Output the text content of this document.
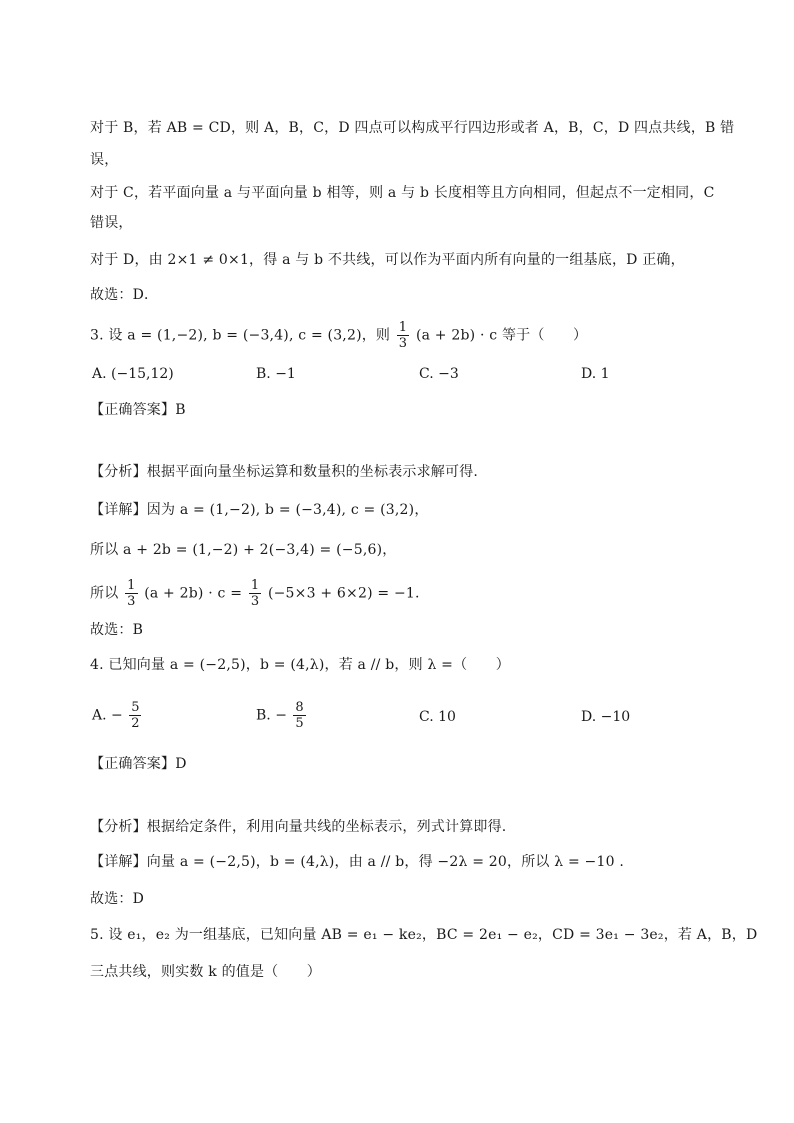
对于 B，若 AB = CD，则 A，B，C，D 四点可以构成平行四边形或者 A，B，C，D 四点共线，B 错
误，
对于 C，若平面向量 a 与平面向量 b 相等，则 a 与 b 长度相等且方向相同，但起点不一定相同，C
错误，
对于 D，由 2×1 ≠ 0×1，得 a 与 b 不共线，可以作为平面内所有向量的一组基底，D 正确，
故选：D．
3. 设 a = (1,−2), b = (−3,4), c = (3,2)，则 $\frac{1}{3} (a + 2b) \cdot c$ 等于（　　）
A. (−15,12)	B. −1	C. −3	D. 1
【正确答案】B
【分析】根据平面向量坐标运算和数量积的坐标表示求解可得.
【详解】因为 a = (1,−2), b = (−3,4), c = (3,2)，
所以 a + 2b = (1,−2) + 2(−3,4) = (−5,6)，
所以 $\frac{1}{3} (a + 2b) \cdot c = \frac{1}{3} (-5\times 3 + 6\times 2) = -1$.
故选：B
4. 已知向量 a = (−2,5)，b = (4,λ)，若 a // b，则 λ =（　　）
A. − $\frac{5}{2}$	B. − $\frac{8}{5}$	C. 10	D. −10
【正确答案】D
【分析】根据给定条件，利用向量共线的坐标表示，列式计算即得.
【详解】向量 a = (−2,5)，b = (4,λ)，由 a // b，得 −2λ = 20，所以 λ = −10 .
故选：D
5. 设 e₁，e₂ 为一组基底，已知向量 AB = e₁ − ke₂，BC = 2e₁ − e₂，CD = 3e₁ − 3e₂，若 A，B，D
三点共线，则实数 k 的值是（　　）
